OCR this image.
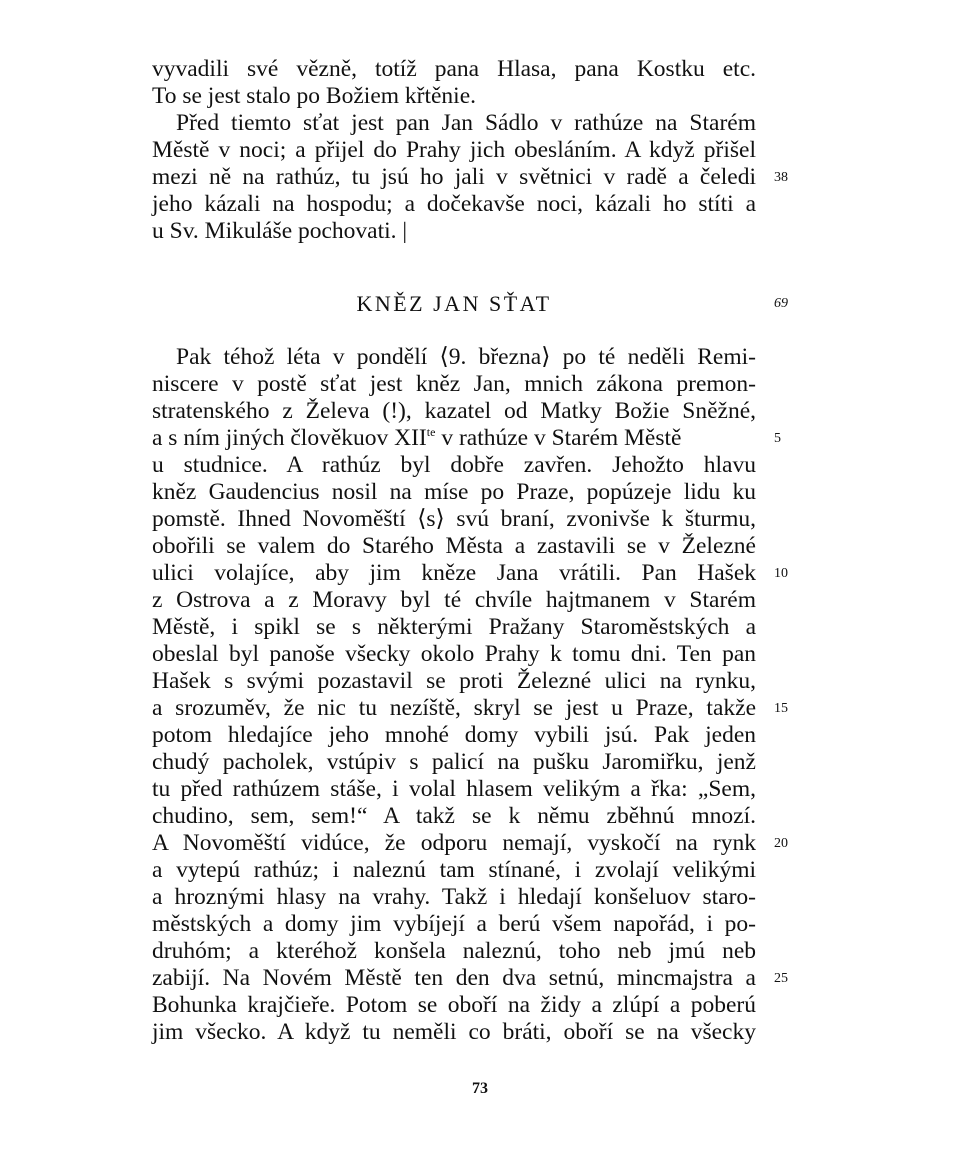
vyvadili své vězně, totíž pana Hlasa, pana Kostku etc.
To se jest stalo po Božiem křtěnie.
Před tiemto sťat jest pan Jan Sádlo v rathúze na Starém
Městě v noci; a přijel do Prahy jich obesláním. A když přišel
mezi ně na rathúz, tu jsú ho jali v světnici v radě a čeledi 38
jeho kázali na hospodu; a dočekavše noci, kázali ho stíti a
u Sv. Mikuláše pochovati. |
KNĚZ JAN SŤAT	69
Pak téhož léta v pondělí ⟨9. března⟩ po té neděli Remi-
niscere v postě sťat jest kněz Jan, mnich zákona premon-
stratenského z Želeva (!), kazatel od Matky Božie Sněžné,
a s ním jiných člověkuov $XII^{te}$ v rathúze v Starém Městě	5
u studnice. A rathúz byl dobře zavřen. Jehožto hlavu
kněz Gaudencius nosil na míse po Praze, popúzeje lidu ku
pomstě. Ihned Novoměští ⟨s⟩ svú braní, zvonivše k šturmu,
obořili se valem do Starého Města a zastavili se v Železné
ulici volajíce, aby jim kněze Jana vrátili. Pan Hašek 10
z Ostrova a z Moravy byl té chvíle hajtmanem v Starém
Městě, i spikl se s některými Pražany Staroměstských a
obeslal byl panoše všecky okolo Prahy k tomu dni. Ten pan
Hašek s svými pozastavil se proti Železné ulici na rynku,
a srozuměv, že nic tu nezíště, skryl se jest u Praze, takže 15
potom hledajíce jeho mnohé domy vybili jsú. Pak jeden
chudý pacholek, vstúpiv s palicí na pušku Jaromiřku, jenž
tu před rathúzem stáše, i volal hlasem velikým a řka: „Sem,
chudino, sem, sem!“ A takž se k němu zběhnú mnozí.
A Novoměští vidúce, že odporu nemají, vyskočí na rynk 20
a vytepú rathúz; i naleznú tam stínané, i zvolají velikými
a hroznými hlasy na vrahy. Takž i hledají konšeluov staro-
městských a domy jim vybíjejí a berú všem napořád, i po-
druhóm; a kteréhož konšela naleznú, toho neb jmú neb
zabijí. Na Novém Městě ten den dva setnú, mincmajstra a 25
Bohunka krajčieře. Potom se oboří na židy a zlúpí a poberú
jim všecko. A když tu neměli co bráti, oboří se na všecky
73
